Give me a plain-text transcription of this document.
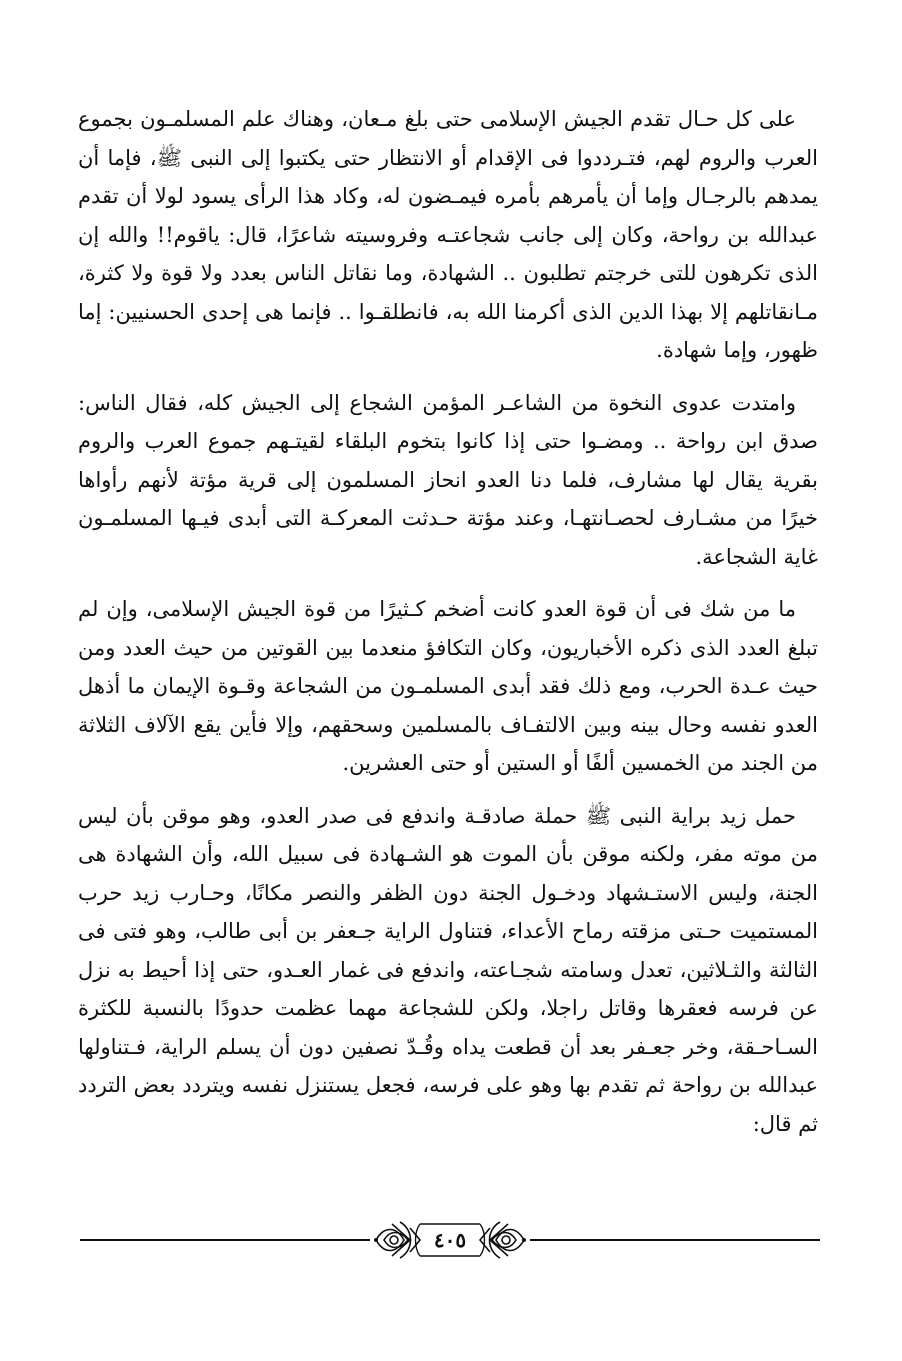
على كل حـال تقدم الجيش الإسلامى حتى بلغ مـعان، وهناك علم المسلمـون بجموع العرب والروم لهم، فتـرددوا فى الإقدام أو الانتظار حتى يكتبوا إلى النبى ﷺ، فإما أن يمدهم بالرجـال وإما أن يأمرهم بأمره فيمـضون له، وكاد هذا الرأى يسود لولا أن تقدم عبدالله بن رواحة، وكان إلى جانب شجاعتـه وفروسيته شاعرًا، قال: ياقوم!! والله إن الذى تكرهون للتى خرجتم تطلبون .. الشهادة، وما نقاتل الناس بعدد ولا قوة ولا كثرة، مـانقاتلهم إلا بهذا الدين الذى أكرمنا الله به، فانطلقـوا .. فإنما هى إحدى الحسنيين: إما ظهور، وإما شهادة.

وامتدت عدوى النخوة من الشاعـر المؤمن الشجاع إلى الجيش كله، فقال الناس: صدق ابن رواحة .. ومضـوا حتى إذا كانوا بتخوم البلقاء لقيتـهم جموع العرب والروم بقرية يقال لها مشارف، فلما دنا العدو انحاز المسلمون إلى قرية مؤتة لأنهم رأواها خيرًا من مشـارف لحصـانتهـا، وعند مؤتة حـدثت المعركـة التى أبدى فيـها المسلمـون غاية الشجاعة.

ما من شك فى أن قوة العدو كانت أضخم كـثيرًا من قوة الجيش الإسلامى، وإن لم تبلغ العدد الذى ذكره الأخباريون، وكان التكافؤ منعدما بين القوتين من حيث العدد ومن حيث عـدة الحرب، ومع ذلك فقد أبدى المسلمـون من الشجاعة وقـوة الإيمان ما أذهل العدو نفسه وحال بينه وبين الالتفـاف بالمسلمين وسحقهم، وإلا فأين يقع الآلاف الثلاثة من الجند من الخمسين ألفًا أو الستين أو حتى العشرين.

حمل زيد براية النبى ﷺ حملة صادقـة واندفع فى صدر العدو، وهو موقن بأن ليس من موته مفر، ولكنه موقن بأن الموت هو الشـهادة فى سبيل الله، وأن الشهادة هى الجنة، وليس الاستـشهاد ودخـول الجنة دون الظفر والنصر مكانًا، وحـارب زيد حرب المستميت حـتى مزقته رماح الأعداء، فتناول الراية جـعفر بن أبى طالب، وهو فتى فى الثالثة والثـلاثين، تعدل وسامته شجـاعته، واندفع فى غمار العـدو، حتى إذا أحيط به نزل عن فرسه فعقرها وقاتل راجلا، ولكن للشجاعة مهما عظمت حدودًا بالنسبة للكثرة السـاحـقة، وخر جعـفر بعد أن قطعت يداه وقُـدّ نصفين دون أن يسلم الراية، فـتناولها عبدالله بن رواحة ثم تقدم بها وهو على فرسه، فجعل يستنزل نفسه ويتردد بعض التردد ثم قال:

٤٠٥
